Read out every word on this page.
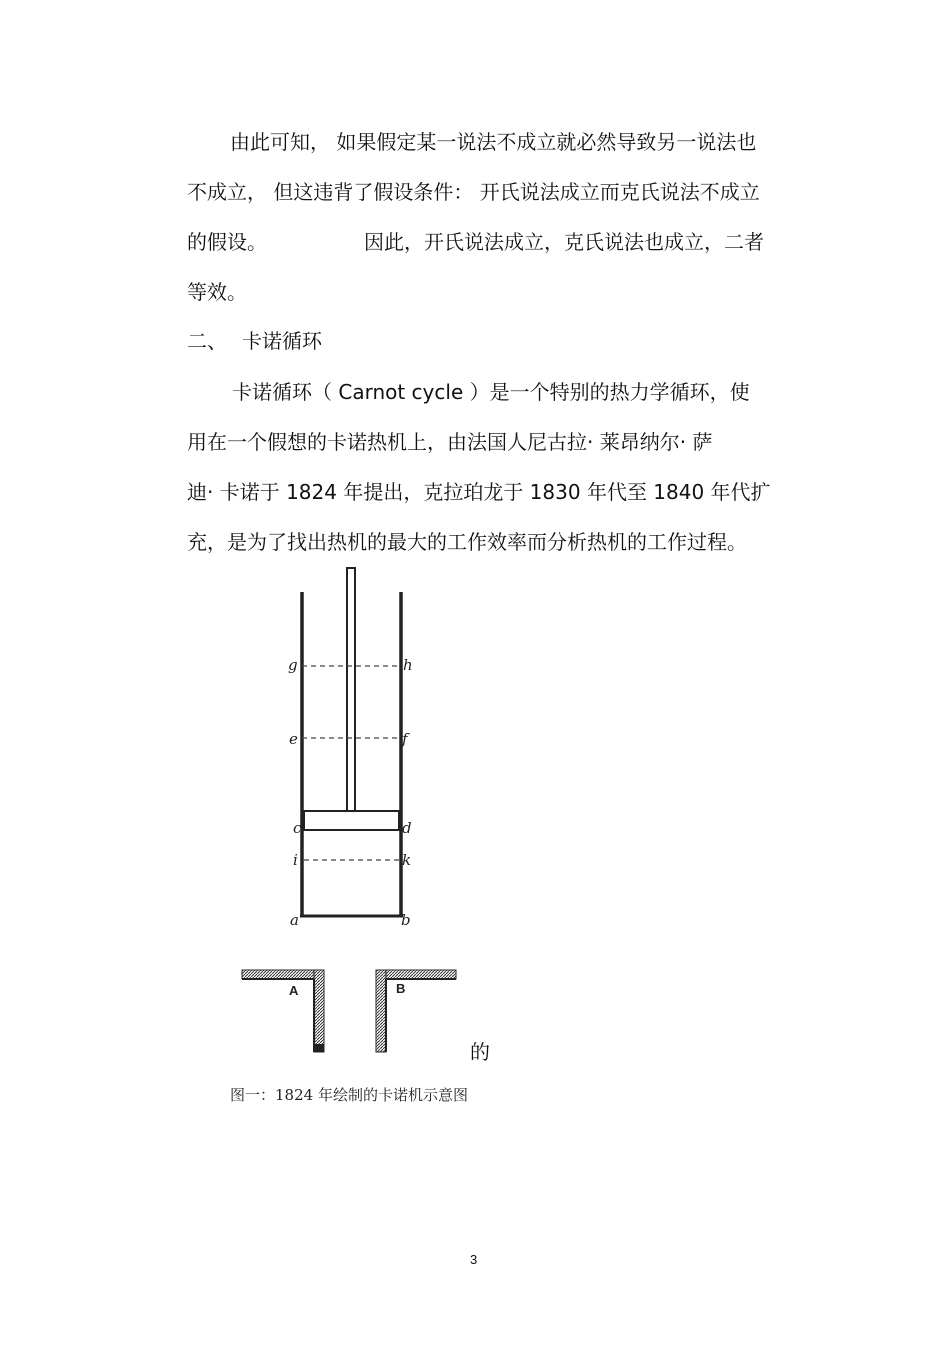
由此可知， 如果假定某一说法不成立就必然导致另一说法也
不成立， 但这违背了假设条件： 开氏说法成立而克氏说法不成立
的假设。	因此，开氏说法成立，克氏说法也成立，二者
等效。
二、 卡诺循环
卡诺循环（ Carnot cycle ）是一个特别的热力学循环，使
用在一个假想的卡诺热机上，由法国人尼古拉· 莱昂纳尔· 萨
迪· 卡诺于 1824 年提出，克拉珀龙于 1830 年代至 1840 年代扩
充，是为了找出热机的最大的工作效率而分析热机的工作过程。
g	h
e	f
c	d
i	k
a	b
A	B
的
图一：1824 年绘制的卡诺机示意图
3
